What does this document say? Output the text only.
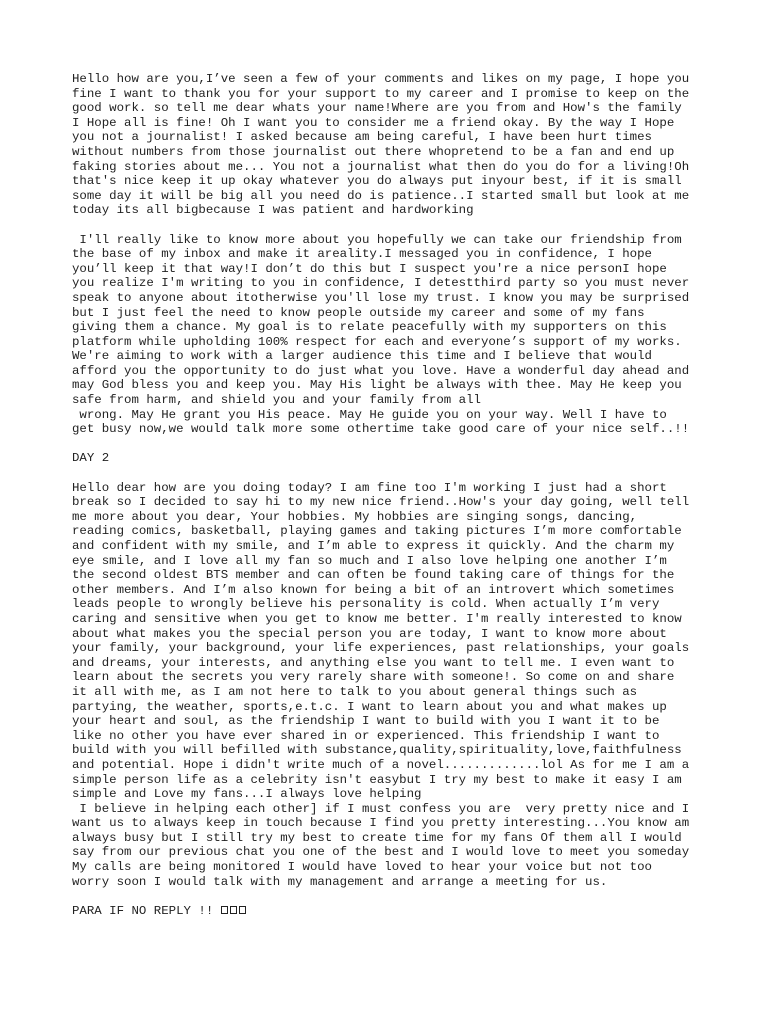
Hello how are you,I’ve seen a few of your comments and likes on my page, I hope you
fine I want to thank you for your support to my career and I promise to keep on the
good work. so tell me dear whats your name!Where are you from and How's the family
I Hope all is fine! Oh I want you to consider me a friend okay. By the way I Hope
you not a journalist! I asked because am being careful, I have been hurt times
without numbers from those journalist out there whopretend to be a fan and end up
faking stories about me... You not a journalist what then do you do for a living!Oh
that's nice keep it up okay whatever you do always put inyour best, if it is small
some day it will be big all you need do is patience..I started small but look at me
today its all bigbecause I was patient and hardworking

I'll really like to know more about you hopefully we can take our friendship from
the base of my inbox and make it areality.I messaged you in confidence, I hope
you’ll keep it that way!I don’t do this but I suspect you're a nice personI hope
you realize I'm writing to you in confidence, I detestthird party so you must never
speak to anyone about itotherwise you'll lose my trust. I know you may be surprised
but I just feel the need to know people outside my career and some of my fans
giving them a chance. My goal is to relate peacefully with my supporters on this
platform while upholding 100% respect for each and everyone’s support of my works.
We're aiming to work with a larger audience this time and I believe that would
afford you the opportunity to do just what you love. Have a wonderful day ahead and
may God bless you and keep you. May His light be always with thee. May He keep you
safe from harm, and shield you and your family from all
wrong. May He grant you His peace. May He guide you on your way. Well I have to
get busy now,we would talk more some othertime take good care of your nice self..!!

DAY 2

Hello dear how are you doing today? I am fine too I'm working I just had a short
break so I decided to say hi to my new nice friend..How's your day going, well tell
me more about you dear, Your hobbies. My hobbies are singing songs, dancing,
reading comics, basketball, playing games and taking pictures I’m more comfortable
and confident with my smile, and I’m able to express it quickly. And the charm my
eye smile, and I love all my fan so much and I also love helping one another I’m
the second oldest BTS member and can often be found taking care of things for the
other members. And I’m also known for being a bit of an introvert which sometimes
leads people to wrongly believe his personality is cold. When actually I’m very
caring and sensitive when you get to know me better. I'm really interested to know
about what makes you the special person you are today, I want to know more about
your family, your background, your life experiences, past relationships, your goals
and dreams, your interests, and anything else you want to tell me. I even want to
learn about the secrets you very rarely share with someone!. So come on and share
it all with me, as I am not here to talk to you about general things such as
partying, the weather, sports,e.t.c. I want to learn about you and what makes up
your heart and soul, as the friendship I want to build with you I want it to be
like no other you have ever shared in or experienced. This friendship I want to
build with you will befilled with substance,quality,spirituality,love,faithfulness
and potential. Hope i didn't write much of a novel.............lol As for me I am a
simple person life as a celebrity isn't easybut I try my best to make it easy I am
simple and Love my fans...I always love helping
I believe in helping each other] if I must confess you are  very pretty nice and I
want us to always keep in touch because I find you pretty interesting...You know am
always busy but I still try my best to create time for my fans Of them all I would
say from our previous chat you one of the best and I would love to meet you someday
My calls are being monitored I would have loved to hear your voice but not too
worry soon I would talk with my management and arrange a meeting for us.

PARA IF NO REPLY !!
